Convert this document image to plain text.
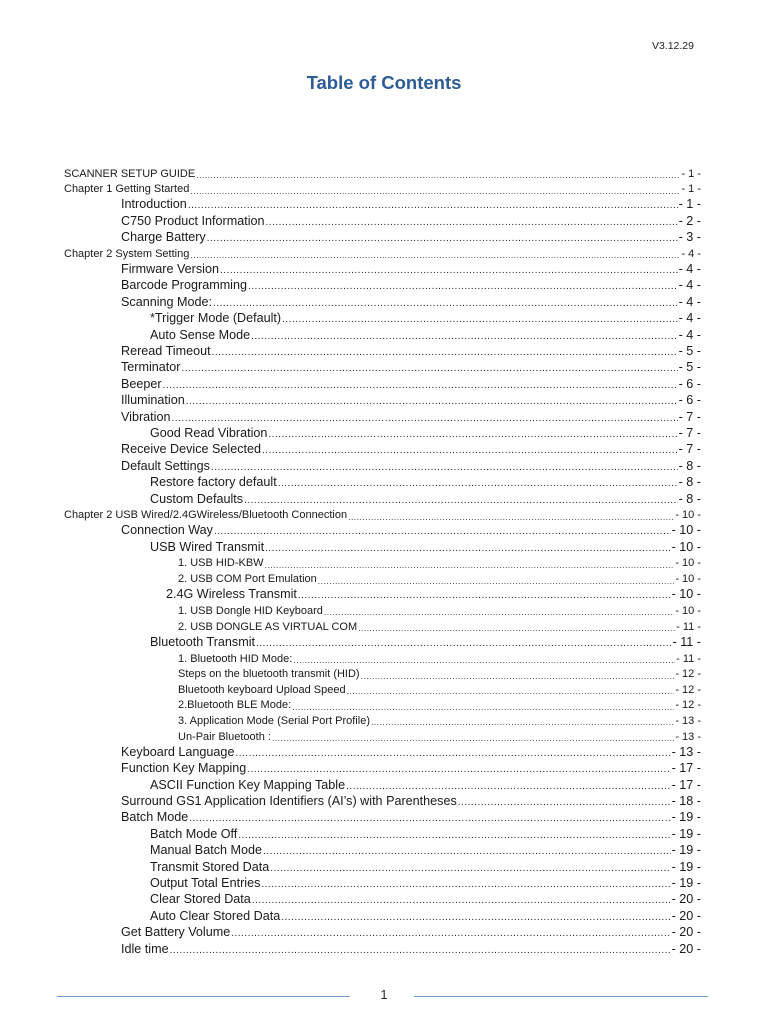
V3.12.29
Table of Contents
SCANNER SETUP GUIDE .....	- 1 -
Chapter 1 Getting Started .....	- 1 -
Introduction .....	- 1 -
C750 Product Information .....	- 2 -
Charge Battery .....	- 3 -
Chapter 2 System Setting .....	- 4 -
Firmware Version .....	- 4 -
Barcode Programming .....	- 4 -
Scanning Mode: .....	- 4 -
*Trigger Mode (Default) .....	- 4 -
Auto Sense Mode .....	- 4 -
Reread Timeout .....	- 5 -
Terminator .....	- 5 -
Beeper .....	- 6 -
Illumination .....	- 6 -
Vibration .....	- 7 -
Good Read Vibration .....	- 7 -
Receive Device Selected .....	- 7 -
Default Settings .....	- 8 -
Restore factory default .....	- 8 -
Custom Defaults .....	- 8 -
Chapter 2 USB Wired/2.4GWireless/Bluetooth Connection .....	- 10 -
Connection Way .....	- 10 -
USB Wired Transmit .....	- 10 -
1. USB HID-KBW .....	- 10 -
2. USB COM Port Emulation .....	- 10 -
2.4G Wireless Transmit .....	- 10 -
1. USB Dongle HID Keyboard .....	- 10 -
2. USB DONGLE AS VIRTUAL COM .....	- 11 -
Bluetooth Transmit .....	- 11 -
1. Bluetooth HID Mode: .....	- 11 -
Steps on the bluetooth transmit (HID) .....	- 12 -
Bluetooth keyboard Upload Speed .....	- 12 -
2.Bluetooth BLE Mode: .....	- 12 -
3. Application Mode (Serial Port Profile) .....	- 13 -
Un-Pair Bluetooth : .....	- 13 -
Keyboard Language .....	- 13 -
Function Key Mapping .....	- 17 -
ASCII Function Key Mapping Table .....	- 17 -
Surround GS1 Application Identifiers (AI’s) with Parentheses .....	- 18 -
Batch Mode .....	- 19 -
Batch Mode Off .....	- 19 -
Manual Batch Mode .....	- 19 -
Transmit Stored Data .....	- 19 -
Output Total Entries .....	- 19 -
Clear Stored Data .....	- 20 -
Auto Clear Stored Data .....	- 20 -
Get Battery Volume .....	- 20 -
Idle time .....	- 20 -
1
